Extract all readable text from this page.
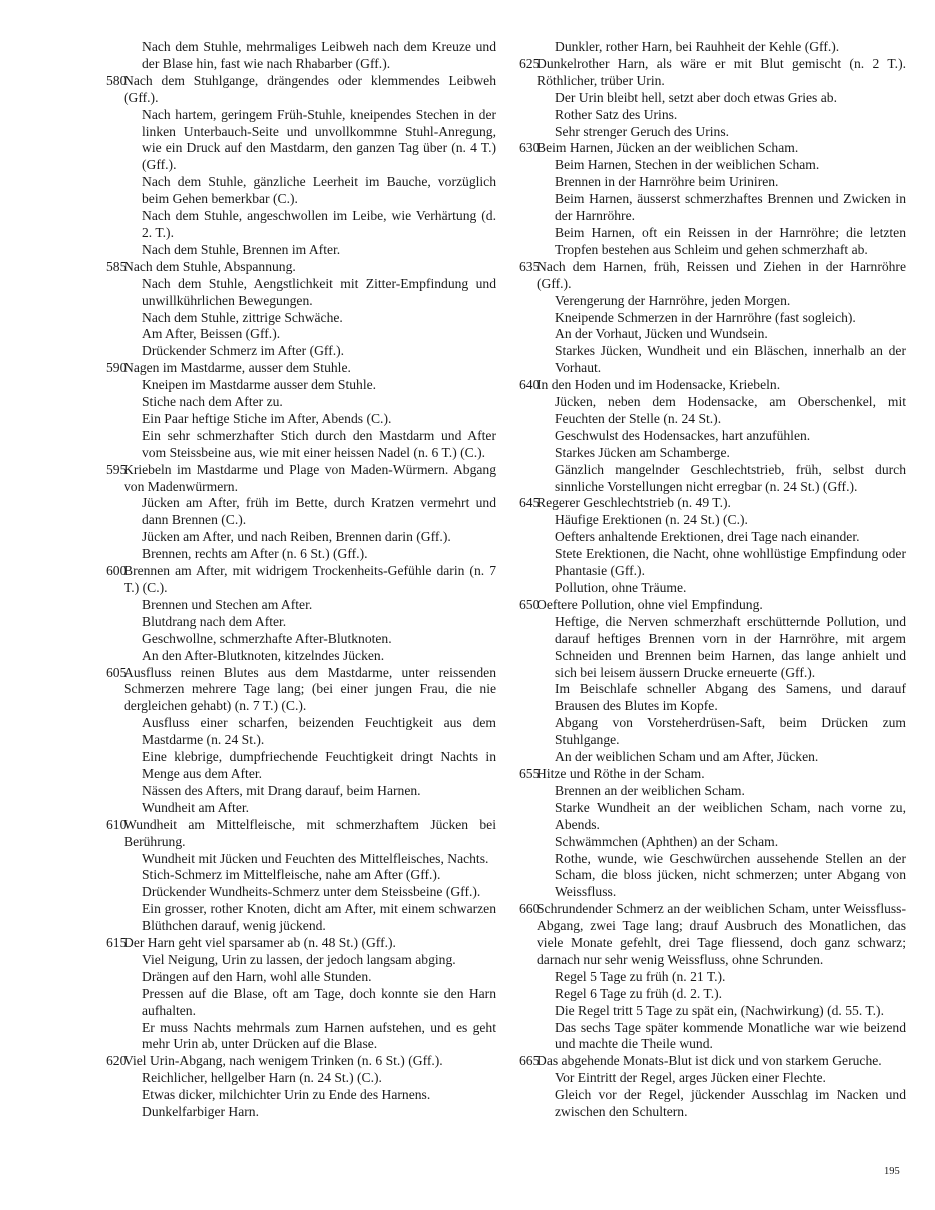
Nach dem Stuhle, mehrmaliges Leibweh nach dem Kreuze und der Blase hin, fast wie nach Rhabarber (Gff.).

580Nach dem Stuhlgange, drängendes oder klemmendes Leibweh (Gff.).

Nach hartem, geringem Früh-Stuhle, kneipendes Stechen in der linken Unterbauch-Seite und unvollkommne Stuhl-Anregung, wie ein Druck auf den Mastdarm, den ganzen Tag über (n. 4 T.) (Gff.).

Nach dem Stuhle, gänzliche Leerheit im Bauche, vorzüglich beim Gehen bemerkbar (C.).

Nach dem Stuhle, angeschwollen im Leibe, wie Verhärtung (d. 2. T.).

Nach dem Stuhle, Brennen im After.

585Nach dem Stuhle, Abspannung.

Nach dem Stuhle, Aengstlichkeit mit Zitter-Empfindung und unwillkührlichen Bewegungen.

Nach dem Stuhle, zittrige Schwäche.

Am After, Beissen (Gff.).

Drückender Schmerz im After (Gff.).

590Nagen im Mastdarme, ausser dem Stuhle.

Kneipen im Mastdarme ausser dem Stuhle.

Stiche nach dem After zu.

Ein Paar heftige Stiche im After, Abends (C.).

Ein sehr schmerzhafter Stich durch den Mastdarm und After vom Steissbeine aus, wie mit einer heissen Nadel (n. 6 T.) (C.).

595Kriebeln im Mastdarme und Plage von Maden-Würmern. Abgang von Madenwürmern.

Jücken am After, früh im Bette, durch Kratzen vermehrt und dann Brennen (C.).

Jücken am After, und nach Reiben, Brennen darin (Gff.).

Brennen, rechts am After (n. 6 St.) (Gff.).

600Brennen am After, mit widrigem Trockenheits-Gefühle darin (n. 7 T.) (C.).

Brennen und Stechen am After.

Blutdrang nach dem After.

Geschwollne, schmerzhafte After-Blutknoten.

An den After-Blutknoten, kitzelndes Jücken.

605Ausfluss reinen Blutes aus dem Mastdarme, unter reissenden Schmerzen mehrere Tage lang; (bei einer jungen Frau, die nie dergleichen gehabt) (n. 7 T.) (C.).

Ausfluss einer scharfen, beizenden Feuchtigkeit aus dem Mastdarme (n. 24 St.).

Eine klebrige, dumpfriechende Feuchtigkeit dringt Nachts in Menge aus dem After.

Nässen des Afters, mit Drang darauf, beim Harnen.

Wundheit am After.

610Wundheit am Mittelfleische, mit schmerzhaftem Jücken bei Berührung.

Wundheit mit Jücken und Feuchten des Mittelfleisches, Nachts.

Stich-Schmerz im Mittelfleische, nahe am After (Gff.).

Drückender Wundheits-Schmerz unter dem Steissbeine (Gff.).

Ein grosser, rother Knoten, dicht am After, mit einem schwarzen Blüthchen darauf, wenig jückend.

615Der Harn geht viel sparsamer ab (n. 48 St.) (Gff.).

Viel Neigung, Urin zu lassen, der jedoch langsam abging.

Drängen auf den Harn, wohl alle Stunden.

Pressen auf die Blase, oft am Tage, doch konnte sie den Harn aufhalten.

Er muss Nachts mehrmals zum Harnen aufstehen, und es geht mehr Urin ab, unter Drücken auf die Blase.

620Viel Urin-Abgang, nach wenigem Trinken (n. 6 St.) (Gff.).

Reichlicher, hellgelber Harn (n. 24 St.) (C.).

Etwas dicker, milchichter Urin zu Ende des Harnens.

Dunkelfarbiger Harn.

Dunkler, rother Harn, bei Rauhheit der Kehle (Gff.).

625Dunkelrother Harn, als wäre er mit Blut gemischt (n. 2 T.). Röthlicher, trüber Urin.

Der Urin bleibt hell, setzt aber doch etwas Gries ab.

Rother Satz des Urins.

Sehr strenger Geruch des Urins.

630Beim Harnen, Jücken an der weiblichen Scham.

Beim Harnen, Stechen in der weiblichen Scham.

Brennen in der Harnröhre beim Uriniren.

Beim Harnen, äusserst schmerzhaftes Brennen und Zwicken in der Harnröhre.

Beim Harnen, oft ein Reissen in der Harnröhre; die letzten Tropfen bestehen aus Schleim und gehen schmerzhaft ab.

635Nach dem Harnen, früh, Reissen und Ziehen in der Harnröhre (Gff.).

Verengerung der Harnröhre, jeden Morgen.

Kneipende Schmerzen in der Harnröhre (fast sogleich).

An der Vorhaut, Jücken und Wundsein.

Starkes Jücken, Wundheit und ein Bläschen, innerhalb an der Vorhaut.

640In den Hoden und im Hodensacke, Kriebeln.

Jücken, neben dem Hodensacke, am Oberschenkel, mit Feuchten der Stelle (n. 24 St.).

Geschwulst des Hodensackes, hart anzufühlen.

Starkes Jücken am Schamberge.

Gänzlich mangelnder Geschlechtstrieb, früh, selbst durch sinnliche Vorstellungen nicht erregbar (n. 24 St.) (Gff.).

645Regerer Geschlechtstrieb (n. 49 T.).

Häufige Erektionen (n. 24 St.) (C.).

Oefters anhaltende Erektionen, drei Tage nach einander.

Stete Erektionen, die Nacht, ohne wohllüstige Empfindung oder Phantasie (Gff.).

Pollution, ohne Träume.

650Oeftere Pollution, ohne viel Empfindung.

Heftige, die Nerven schmerzhaft erschütternde Pollution, und darauf heftiges Brennen vorn in der Harnröhre, mit argem Schneiden und Brennen beim Harnen, das lange anhielt und sich bei leisem äussern Drucke erneuerte (Gff.).

Im Beischlafe schneller Abgang des Samens, und darauf Brausen des Blutes im Kopfe.

Abgang von Vorsteherdrüsen-Saft, beim Drücken zum Stuhlgange.

An der weiblichen Scham und am After, Jücken.

655Hitze und Röthe in der Scham.

Brennen an der weiblichen Scham.

Starke Wundheit an der weiblichen Scham, nach vorne zu, Abends.

Schwämmchen (Aphthen) an der Scham.

Rothe, wunde, wie Geschwürchen aussehende Stellen an der Scham, die bloss jücken, nicht schmerzen; unter Abgang von Weissfluss.

660Schrundender Schmerz an der weiblichen Scham, unter Weissfluss-Abgang, zwei Tage lang; drauf Ausbruch des Monatlichen, das viele Monate gefehlt, drei Tage fliessend, doch ganz schwarz; darnach nur sehr wenig Weissfluss, ohne Schrunden.

Regel 5 Tage zu früh (n. 21 T.).

Regel 6 Tage zu früh (d. 2. T.).

Die Regel tritt 5 Tage zu spät ein, (Nachwirkung) (d. 55. T.).

Das sechs Tage später kommende Monatliche war wie beizend und machte die Theile wund.

665Das abgehende Monats-Blut ist dick und von starkem Geruche.

Vor Eintritt der Regel, arges Jücken einer Flechte.

Gleich vor der Regel, jückender Ausschlag im Nacken und zwischen den Schultern.

195
